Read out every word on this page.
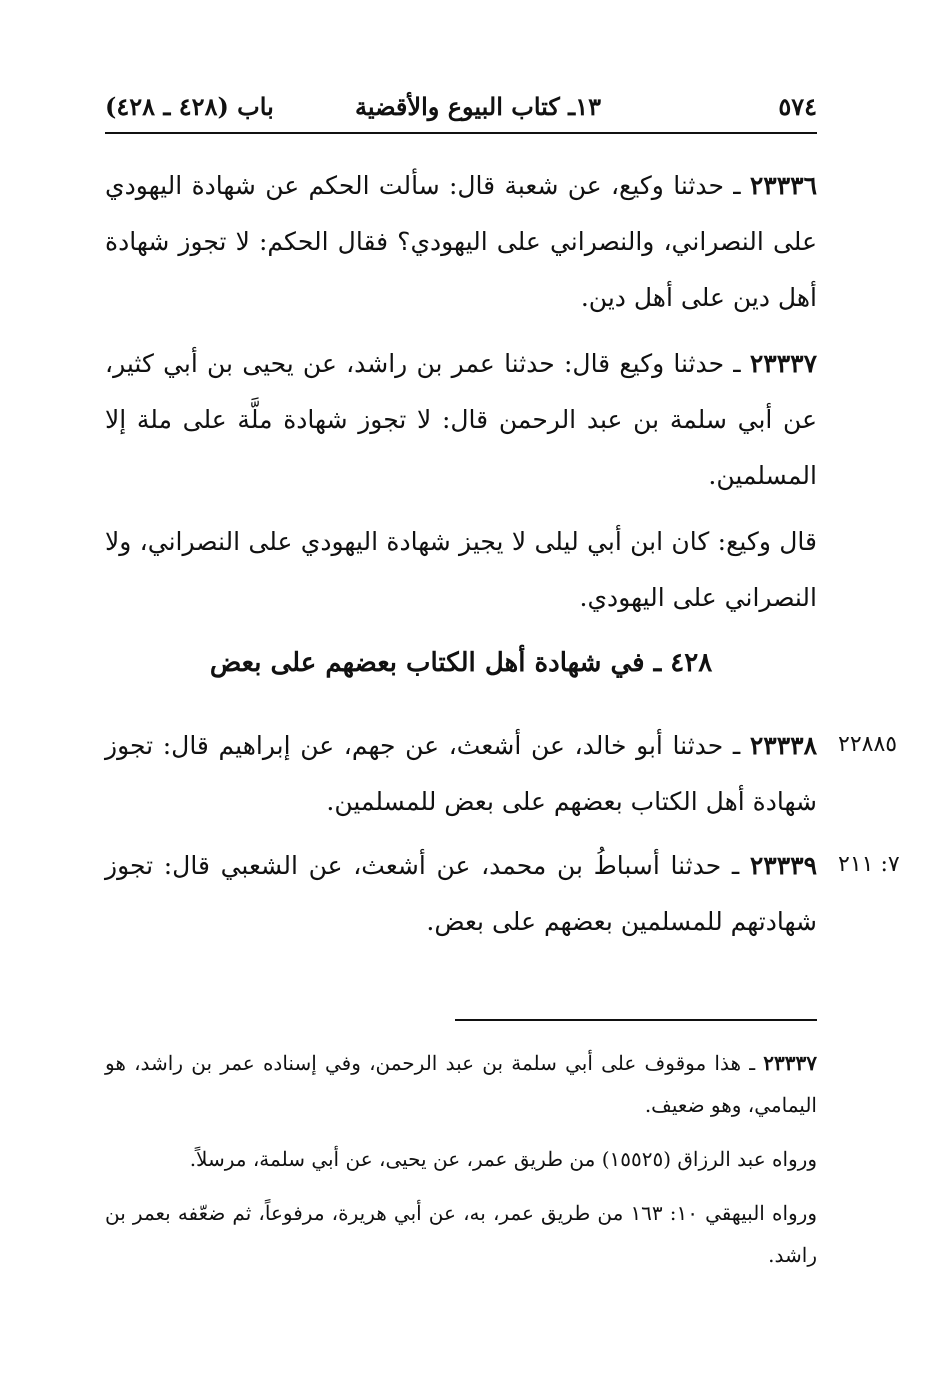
٥٧٤
١٣ـ كتاب البيوع والأقضية
باب (٤٢٨ ـ ٤٢٨)
٢٣٣٣٦ ـ حدثنا وكيع، عن شعبة قال: سألت الحكم عن شهادة اليهودي على النصراني، والنصراني على اليهودي؟ فقال الحكم: لا تجوز شهادة أهل دين على أهل دين.
٢٣٣٣٧ ـ حدثنا وكيع قال: حدثنا عمر بن راشد، عن يحيى بن أبي كثير، عن أبي سلمة بن عبد الرحمن قال: لا تجوز شهادة ملَّة على ملة إلا المسلمين.
قال وكيع: كان ابن أبي ليلى لا يجيز شهادة اليهودي على النصراني، ولا النصراني على اليهودي.
٤٢٨ ـ في شهادة أهل الكتاب بعضهم على بعض
٢٢٨٨٥
٢٣٣٣٨ ـ حدثنا أبو خالد، عن أشعث، عن جهم، عن إبراهيم قال: تجوز شهادة أهل الكتاب بعضهم على بعض للمسلمين.
٧: ٢١١
٢٣٣٣٩ ـ حدثنا أسباطُ بن محمد، عن أشعث، عن الشعبي قال: تجوز شهادتهم للمسلمين بعضهم على بعض.
٢٣٣٣٧ ـ هذا موقوف على أبي سلمة بن عبد الرحمن، وفي إسناده عمر بن راشد، هو اليمامي، وهو ضعيف.
ورواه عبد الرزاق (١٥٥٢٥) من طريق عمر، عن يحيى، عن أبي سلمة، مرسلاً.
ورواه البيهقي ١٠: ١٦٣ من طريق عمر، به، عن أبي هريرة، مرفوعاً، ثم ضعّفه بعمر بن راشد.
